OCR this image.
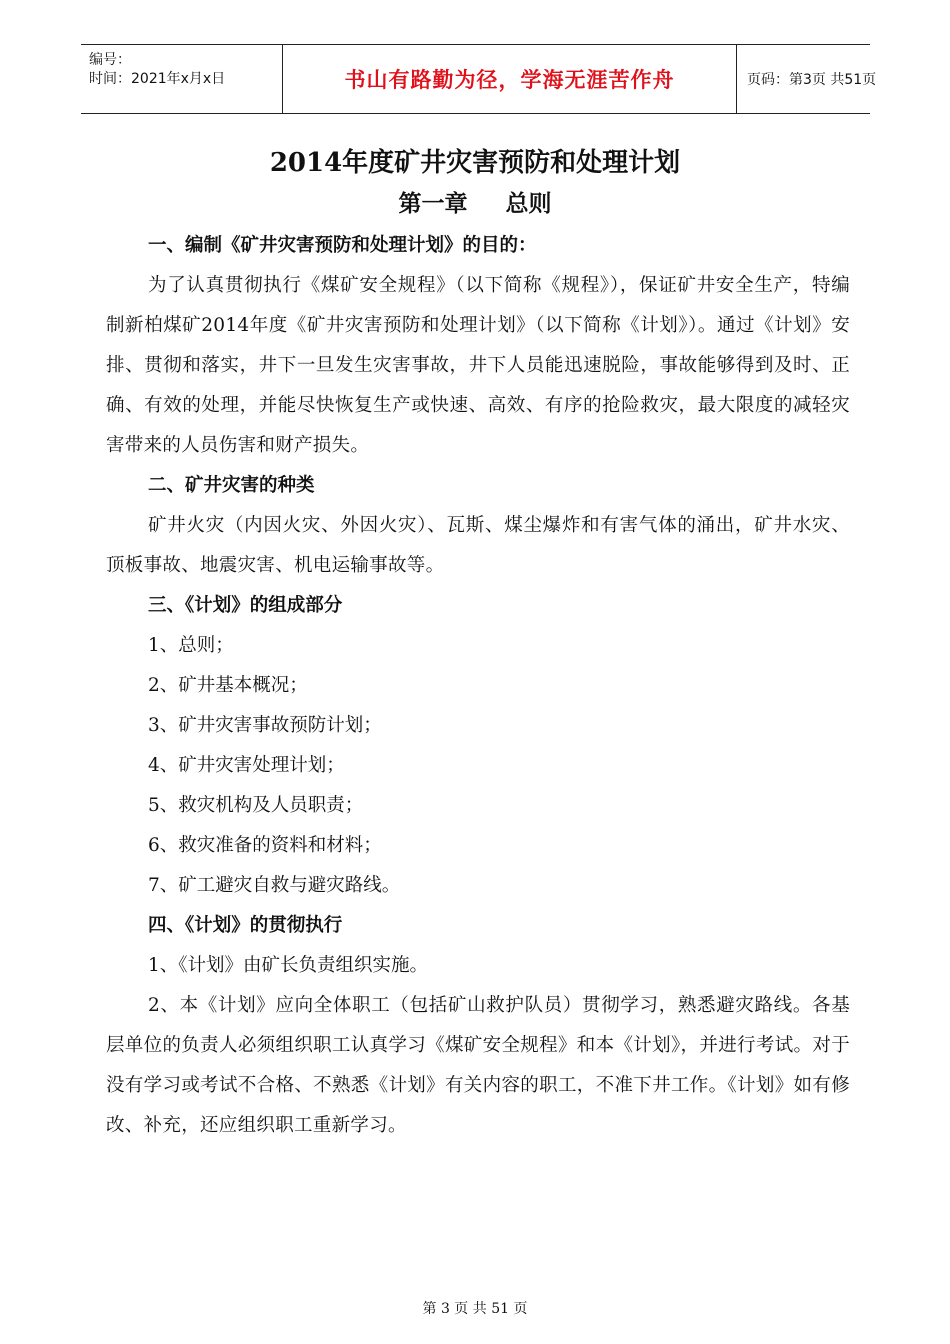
编号：
时间：2021年x月x日	书山有路勤为径，学海无涯苦作舟	页码：第3页 共51页
2014年度矿井灾害预防和处理计划
第一章 总则

一、编制《矿井灾害预防和处理计划》的目的：

为了认真贯彻执行《煤矿安全规程》（以下简称《规程》），保证矿井安全生产，特编制新柏煤矿2014年度《矿井灾害预防和处理计划》（以下简称《计划》）。通过《计划》安排、贯彻和落实，井下一旦发生灾害事故，井下人员能迅速脱险，事故能够得到及时、正确、有效的处理，并能尽快恢复生产或快速、高效、有序的抢险救灾，最大限度的减轻灾害带来的人员伤害和财产损失。

二、矿井灾害的种类

矿井火灾（内因火灾、外因火灾）、瓦斯、煤尘爆炸和有害气体的涌出，矿井水灾、顶板事故、地震灾害、机电运输事故等。

三、《计划》的组成部分

1、总则；

2、矿井基本概况；

3、矿井灾害事故预防计划；

4、矿井灾害处理计划；

5、救灾机构及人员职责；

6、救灾准备的资料和材料；

7、矿工避灾自救与避灾路线。

四、《计划》的贯彻执行

1、《计划》由矿长负责组织实施。

2、本《计划》应向全体职工（包括矿山救护队员）贯彻学习，熟悉避灾路线。各基层单位的负责人必须组织职工认真学习《煤矿安全规程》和本《计划》，并进行考试。对于没有学习或考试不合格、不熟悉《计划》有关内容的职工，不准下井工作。《计划》如有修改、补充，还应组织职工重新学习。

第 3 页 共 51 页
